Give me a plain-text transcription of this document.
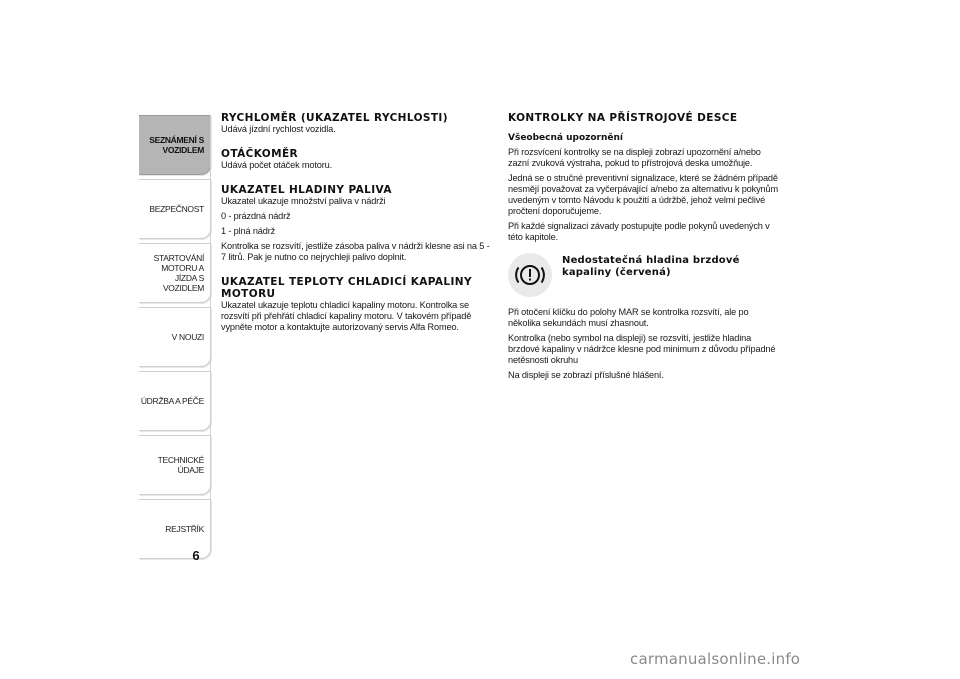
SEZNÁMENÍ S
VOZIDLEM
BEZPEČNOST
STARTOVÁNÍ
MOTORU A JÍZDA S
VOZIDLEM
V NOUZI
ÚDRŽBA A PÉČE
TECHNICKÉ ÚDAJE
REJSTŘÍK
6
RYCHLOMĚR (UKAZATEL RYCHLOSTI)

Udává jízdní rychlost vozidla.

OTÁČKOMĚR

Udává počet otáček motoru.

UKAZATEL HLADINY PALIVA

Ukazatel ukazuje množství paliva v nádrži

0 - prázdná nádrž

1 - plná nádrž

Kontrolka se rozsvítí, jestliže zásoba paliva v nádrži klesne asi na 5 - 7 litrů. Pak je nutno co nejrychleji palivo doplnit.

UKAZATEL TEPLOTY CHLADICÍ KAPALINY MOTORU

Ukazatel ukazuje teplotu chladicí kapaliny motoru. Kontrolka se rozsvítí při přehřátí chladicí kapaliny motoru. V takovém případě vypněte motor a kontaktujte autorizovaný servis Alfa Romeo.

KONTROLKY NA PŘÍSTROJOVÉ DESCE
Všeobecná upozornění

Při rozsvícení kontrolky se na displeji zobrazí upozornění a/nebo zazní zvuková výstraha, pokud to přístrojová deska umožňuje.

Jedná se o stručné preventivní signalizace, které se žádném případě nesmějí považovat za vyčerpávající a/nebo za alternativu k pokynům uvedeným v tomto Návodu k použití a údržbě, jehož velmi pečlivé pročtení doporučujeme.

Při každé signalizaci závady postupujte podle pokynů uvedených v této kapitole.

Nedostatečná hladina brzdové kapaliny (červená)

Při otočení klíčku do polohy MAR se kontrolka rozsvítí, ale po několika sekundách musí zhasnout.

Kontrolka (nebo symbol na displeji) se rozsvítí, jestliže hladina brzdové kapaliny v nádržce klesne pod minimum z důvodu případné netěsnosti okruhu

Na displeji se zobrazí příslušné hlášení.

carmanualsonline.info
